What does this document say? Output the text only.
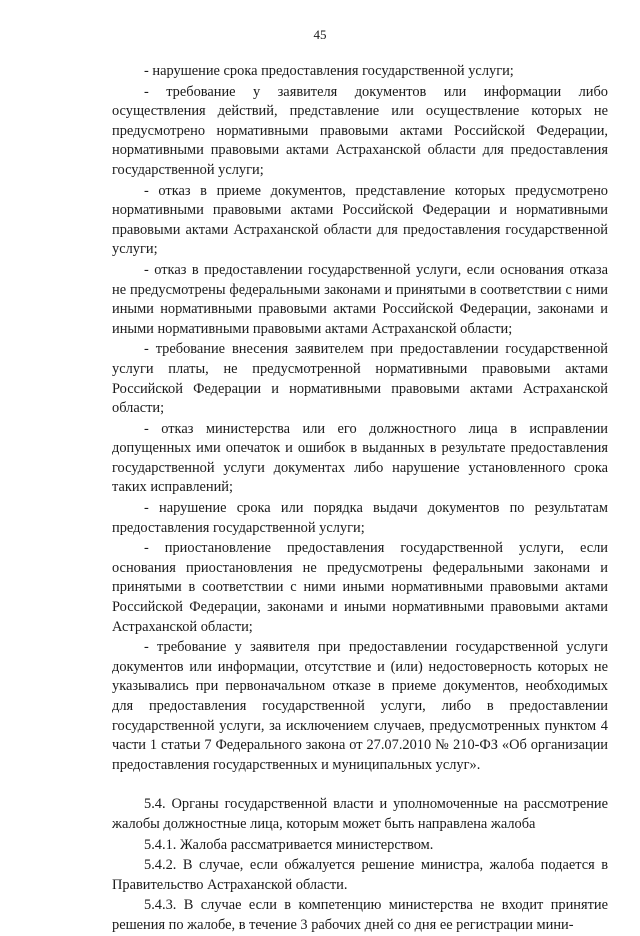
45

- нарушение срока предоставления государственной услуги;

- требование у заявителя документов или информации либо осуществления действий, представление или осуществление которых не предусмотрено нормативными правовыми актами Российской Федерации, нормативными правовыми актами Астраханской области для предоставления государственной услуги;

- отказ в приеме документов, представление которых предусмотрено нормативными правовыми актами Российской Федерации и нормативными правовыми актами Астраханской области для предоставления государственной услуги;

- отказ в предоставлении государственной услуги, если основания отказа не предусмотрены федеральными законами и принятыми в соответствии с ними иными нормативными правовыми актами Российской Федерации, законами и иными нормативными правовыми актами Астраханской области;

- требование внесения заявителем при предоставлении государственной услуги платы, не предусмотренной нормативными правовыми актами Российской Федерации и нормативными правовыми актами Астраханской области;

- отказ министерства или его должностного лица в исправлении допущенных ими опечаток и ошибок в выданных в результате предоставления государственной услуги документах либо нарушение установленного срока таких исправлений;

- нарушение срока или порядка выдачи документов по результатам предоставления государственной услуги;

- приостановление предоставления государственной услуги, если основания приостановления не предусмотрены федеральными законами и принятыми в соответствии с ними иными нормативными правовыми актами Российской Федерации, законами и иными нормативными правовыми актами Астраханской области;

- требование у заявителя при предоставлении государственной услуги документов или информации, отсутствие и (или) недостоверность которых не указывались при первоначальном отказе в приеме документов, необходимых для предоставления государственной услуги, либо в предоставлении государственной услуги, за исключением случаев, предусмотренных пунктом 4 части 1 статьи 7 Федерального закона от 27.07.2010 № 210-ФЗ «Об организации предоставления государственных и муниципальных услуг».

5.4. Органы государственной власти и уполномоченные на рассмотрение жалобы должностные лица, которым может быть направлена жалоба

5.4.1. Жалоба рассматривается министерством.

5.4.2. В случае, если обжалуется решение министра, жалоба подается в Правительство Астраханской области.

5.4.3. В случае если в компетенцию министерства не входит принятие решения по жалобе, в течение 3 рабочих дней со дня ее регистрации мини-
